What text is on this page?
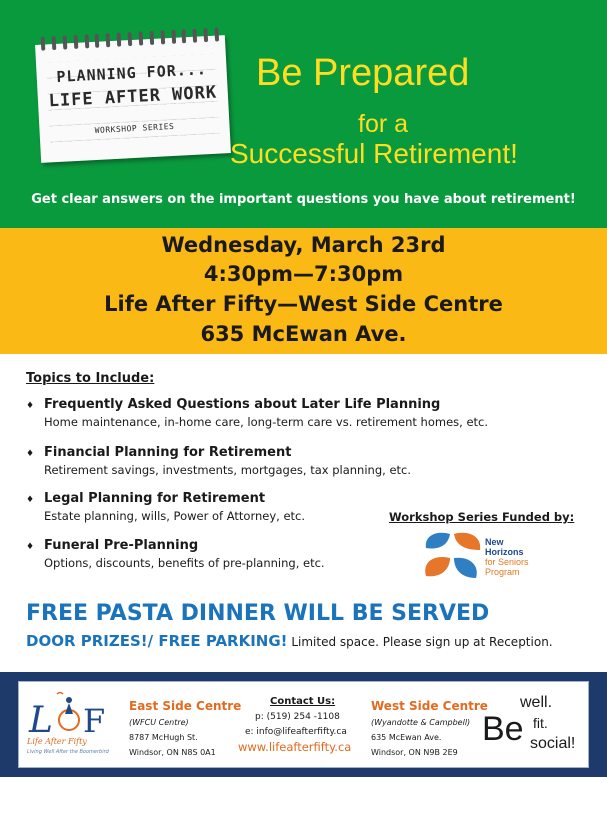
PLANNING FOR...
LIFE AFTER WORK
WORKSHOP SERIES
Be Prepared
for a
Successful Retirement!
Get clear answers on the important questions you have about retirement!
Wednesday, March 23rd
4:30pm—7:30pm
Life After Fifty—West Side Centre
635 McEwan Ave.
Topics to Include:
♦ Frequently Asked Questions about Later Life Planning
Home maintenance, in-home care, long-term care vs. retirement homes, etc.
♦ Financial Planning for Retirement
Retirement savings, investments, mortgages, tax planning, etc.
♦ Legal Planning for Retirement
Estate planning, wills, Power of Attorney, etc.
♦ Funeral Pre-Planning
Options, discounts, benefits of pre-planning, etc.
Workshop Series Funded by:
New
Horizons
for Seniors
Program
FREE PASTA DINNER WILL BE SERVED
DOOR PRIZES!/ FREE PARKING! Limited space. Please sign up at Reception.
L F
Life After Fifty
Living Well After the Boomerbird
East Side Centre
(WFCU Centre)
8787 McHugh St.
Windsor, ON N8S 0A1
Contact Us:
p: (519) 254 -1108
e: info@lifeafterfifty.ca
www.lifeafterfifty.ca
West Side Centre
(Wyandotte & Campbell)
635 McEwan Ave.
Windsor, ON N9B 2E9
well.
Be fit.
social!
